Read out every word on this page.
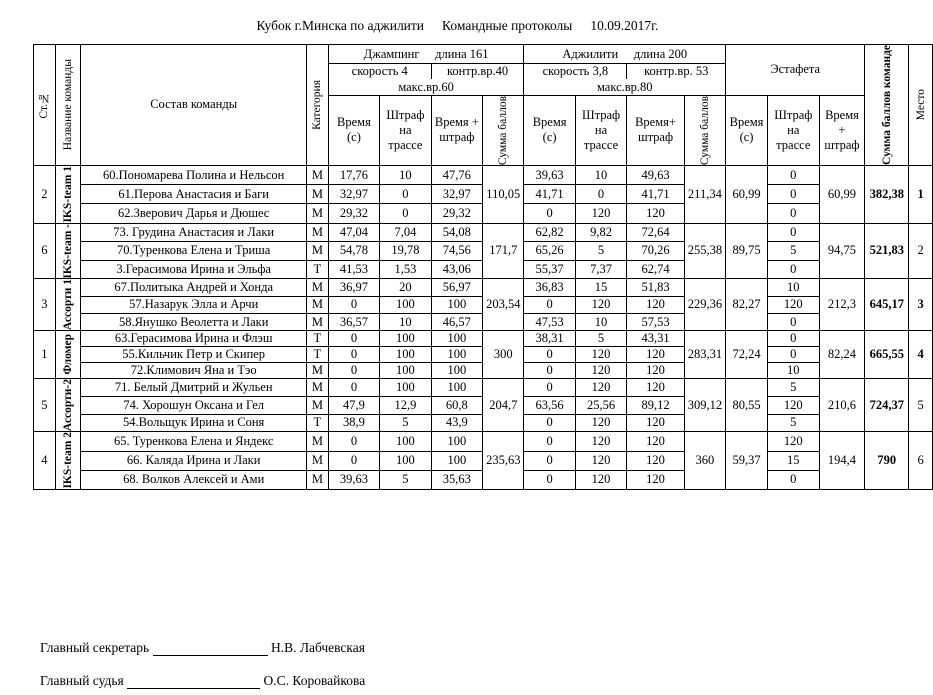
Кубок г.Минска по аджилити Командные протоколы 10.09.2017г.
Ст.№	Название команды	Состав команды	Категория	Джампинг длина 161				Аджилити длина 200				Эстафета			Сумма баллов команде	Место

				скорость 4		контр.вр.40		скорость 3,8		контр.вр. 53						
				макс.вр.60				макс.вр.80								
				Время (с)	Штраф на трассе	Время + штраф	Сумма баллов	Время (с)	Штраф на трассе	Время+ штраф	Сумма баллов	Время (с)	Штраф на трассе	Время + штраф		
2	IKS-team 1	60.Пономарева Полина и Нельсон	М	17,76	10	47,76	110,05	39,63	10	49,63	211,34	60,99	0	60,99	382,38	1
		61.Перова Анастасия и Баги	М	32,97	0	32,97		41,71	0	41,71			0			
		62.Зверович Дарья и Дюшес	М	29,32	0	29,32		0	120	120			0			
6	IKS-team -	73. Грудина Анастасия и Лаки	М	47,04	7,04	54,08	171,7	62,82	9,82	72,64	255,38	89,75	0	94,75	521,83	2
		70.Туренкова Елена и Триша	М	54,78	19,78	74,56		65,26	5	70,26			5			
		3.Герасимова Ирина и Эльфа	Т	41,53	1,53	43,06		55,37	7,37	62,74			0			
3	Ассорти 1	67.Политыка Андрей и Хонда	М	36,97	20	56,97	203,54	36,83	15	51,83	229,36	82,27	10	212,3	645,17	3
		57.Назарук Элла и Арчи	М	0	100	100		0	120	120			120			
		58.Янушко Веолетта и Лаки	М	36,57	10	46,57		47,53	10	57,53			0			
1	Фломер	63.Герасимова Ирина и Флэш	Т	0	100	100	300	38,31	5	43,31	283,31	72,24	0	82,24	665,55	4
		55.Кильчик Петр и Скипер	Т	0	100	100		0	120	120			0			
		72.Климович Яна и Тэо	М	0	100	100		0	120	120			10			
5	Ассорти-2	71. Белый Дмитрий и Жульен	М	0	100	100	204,7	0	120	120	309,12	80,55	5	210,6	724,37	5
		74. Хорошун Оксана и Гел	М	47,9	12,9	60,8		63,56	25,56	89,12			120			
		54.Вольщук Ирина и Соня	Т	38,9	5	43,9		0	120	120			5			
4	IKS-team 2	65. Туренкова Елена и Яндекс	М	0	100	100	235,63	0	120	120	360	59,37	120	194,4	790	6
		66. Каляда Ирина и Лаки	М	0	100	100		0	120	120			15			
		68. Волков Алексей и Ами	М	39,63	5	35,63		0	120	120			0			
Главный секретарь	Н.В. Лабчевская
Главный судья	О.С. Коровайкова
